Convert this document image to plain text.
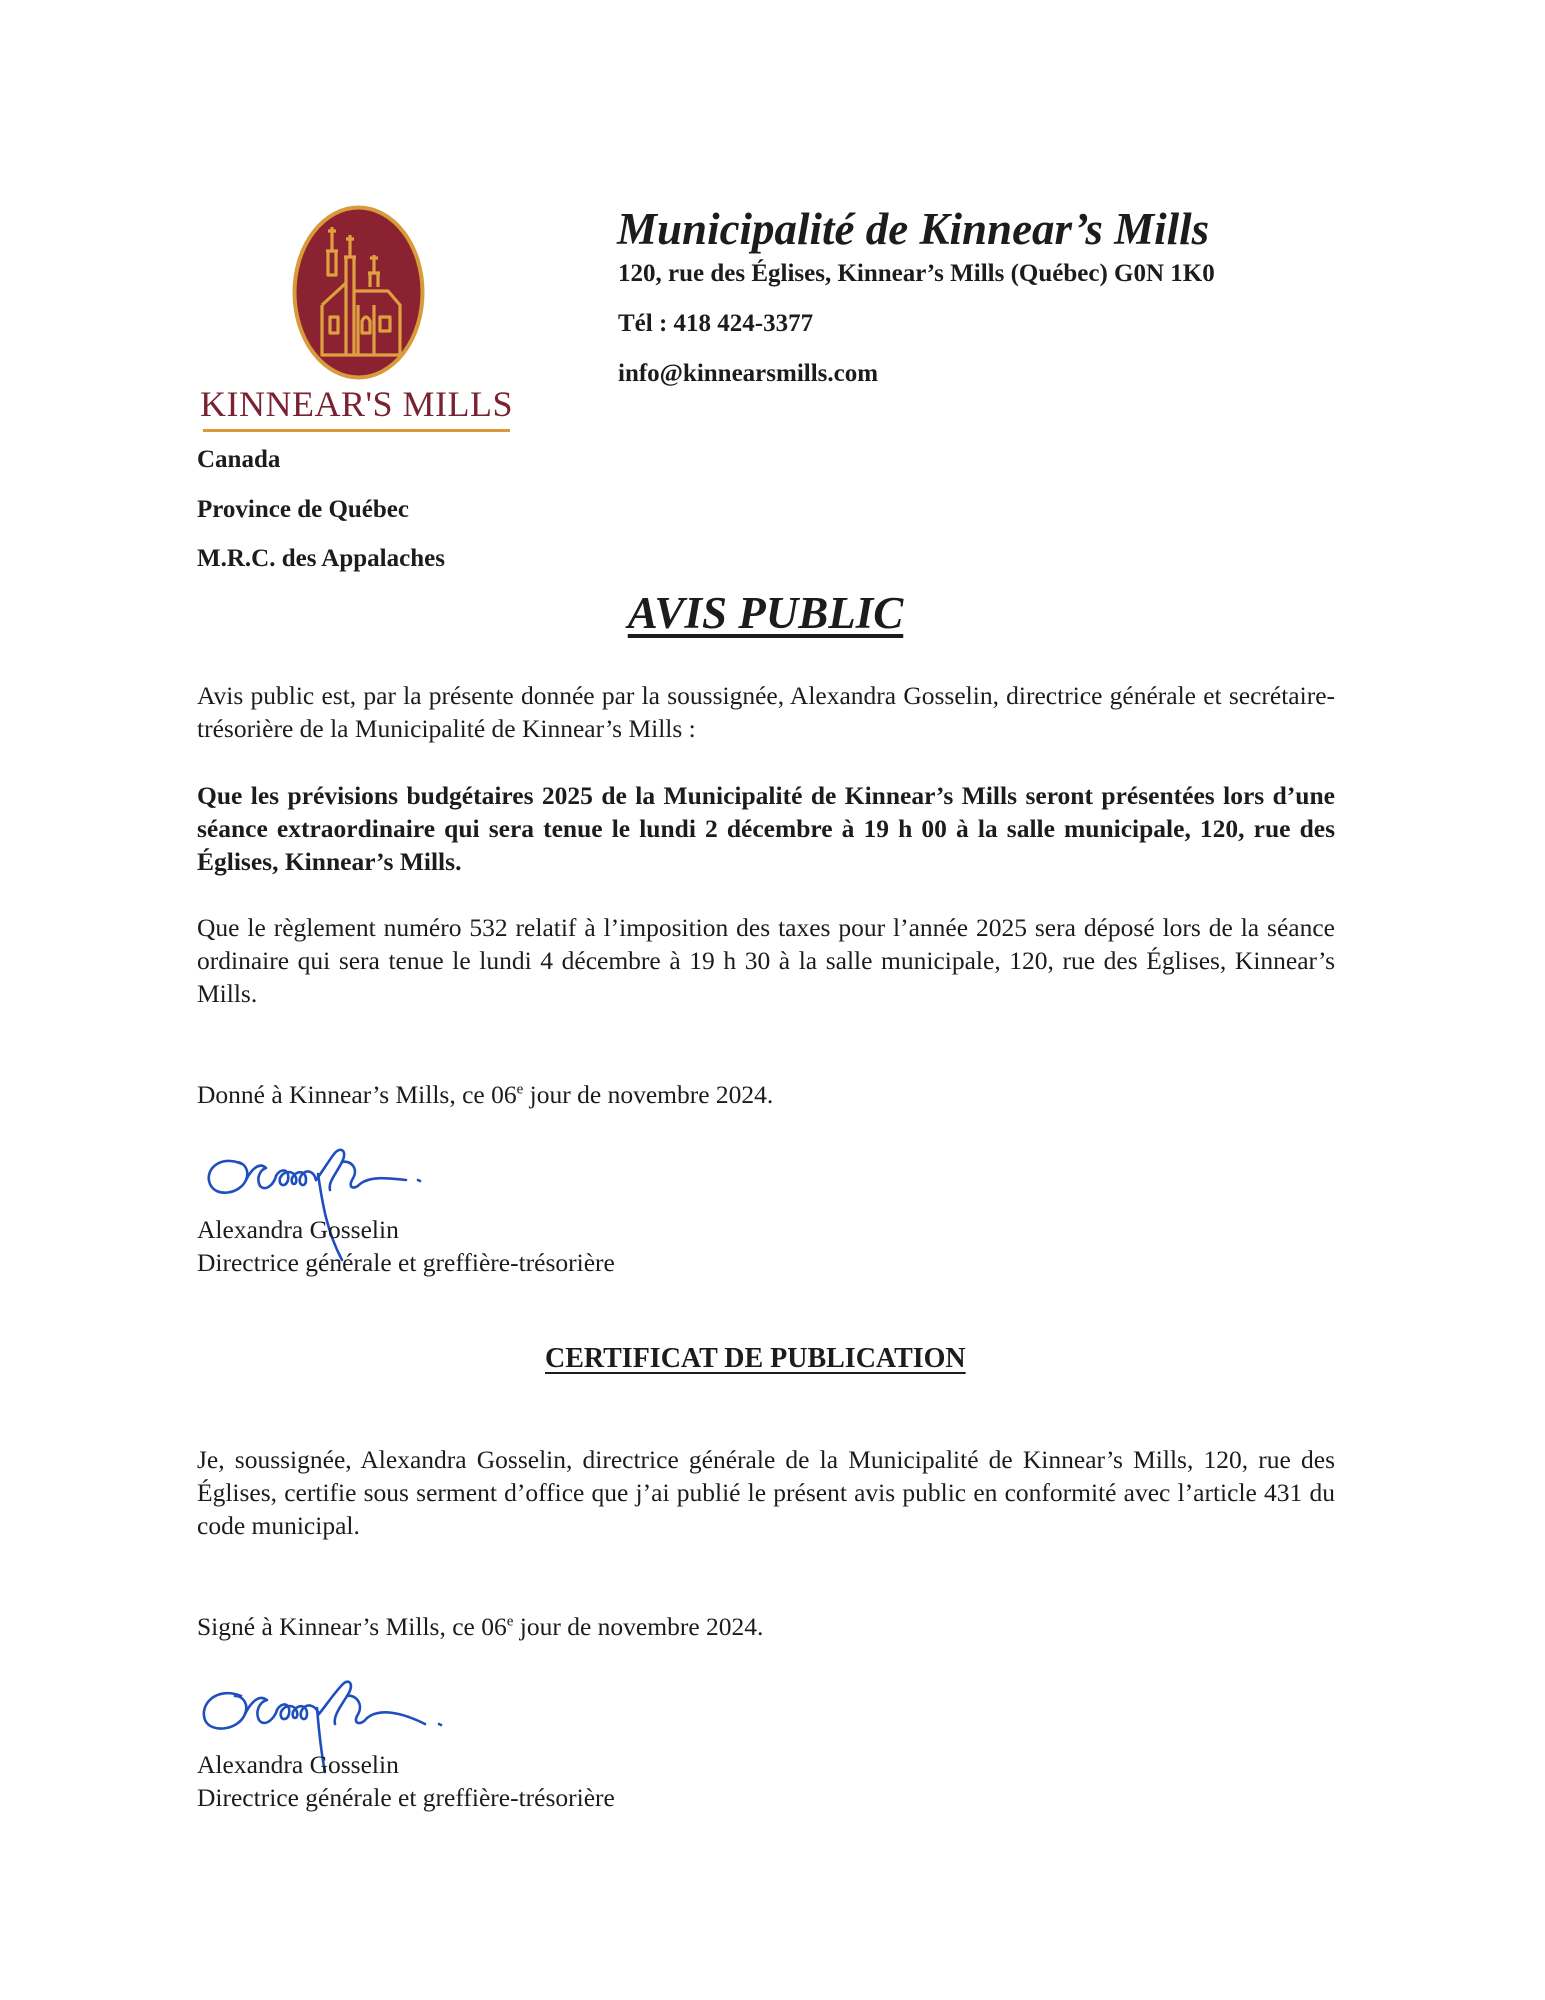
KINNEAR'S MILLS
Municipalité de Kinnear’s Mills
120, rue des Églises, Kinnear’s Mills (Québec) G0N 1K0
Tél : 418 424-3377
info@kinnearsmills.com
Canada
Province de Québec
M.R.C. des Appalaches
AVIS PUBLIC
Avis public est, par la présente donnée par la soussignée, Alexandra Gosselin, directrice générale et secrétaire-trésorière de la Municipalité de Kinnear’s Mills :
Que les prévisions budgétaires 2025 de la Municipalité de Kinnear’s Mills seront présentées lors d’une séance extraordinaire qui sera tenue le lundi 2 décembre à 19 h 00 à la salle municipale, 120, rue des Églises, Kinnear’s Mills.
Que le règlement numéro 532 relatif à l’imposition des taxes pour l’année 2025 sera déposé lors de la séance ordinaire qui sera tenue le lundi 4 décembre à 19 h 30 à la salle municipale, 120, rue des Églises, Kinnear’s Mills.
Donné à Kinnear’s Mills, ce 06e jour de novembre 2024.
Alexandra Gosselin
Directrice générale et greffière-trésorière
CERTIFICAT DE PUBLICATION
Je, soussignée, Alexandra Gosselin, directrice générale de la Municipalité de Kinnear’s Mills, 120, rue des Églises, certifie sous serment d’office que j’ai publié le présent avis public en conformité avec l’article 431 du code municipal.
Signé à Kinnear’s Mills, ce 06e jour de novembre 2024.
Alexandra Gosselin
Directrice générale et greffière-trésorière
